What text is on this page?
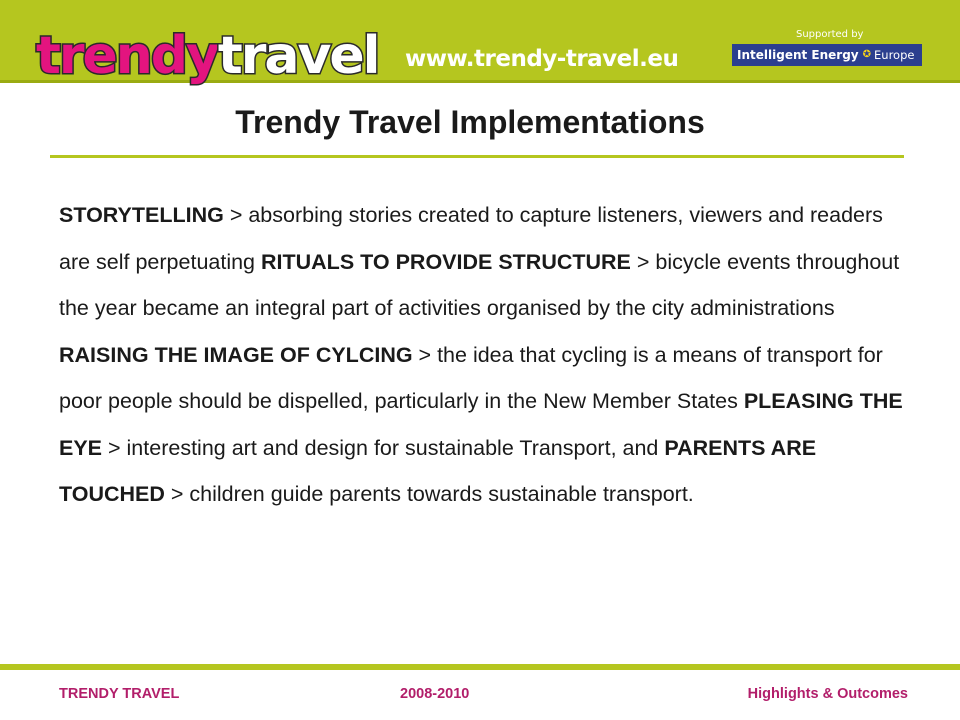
trendytravel www.trendy-travel.eu
Supported by
Intelligent Energy ✪ Europe
Trendy Travel Implementations
STORYTELLING > absorbing stories created to capture listeners, viewers and readers are self perpetuating RITUALS TO PROVIDE STRUCTURE > bicycle events throughout the year became an integral part of activities organised by the city administrations RAISING THE IMAGE OF CYLCING > the idea that cycling is a means of transport for poor people should be dispelled, particularly in the New Member States PLEASING THE EYE > interesting art and design for sustainable Transport, and PARENTS ARE TOUCHED > children guide parents towards sustainable transport.
TRENDY TRAVEL	2008-2010	Highlights & Outcomes
